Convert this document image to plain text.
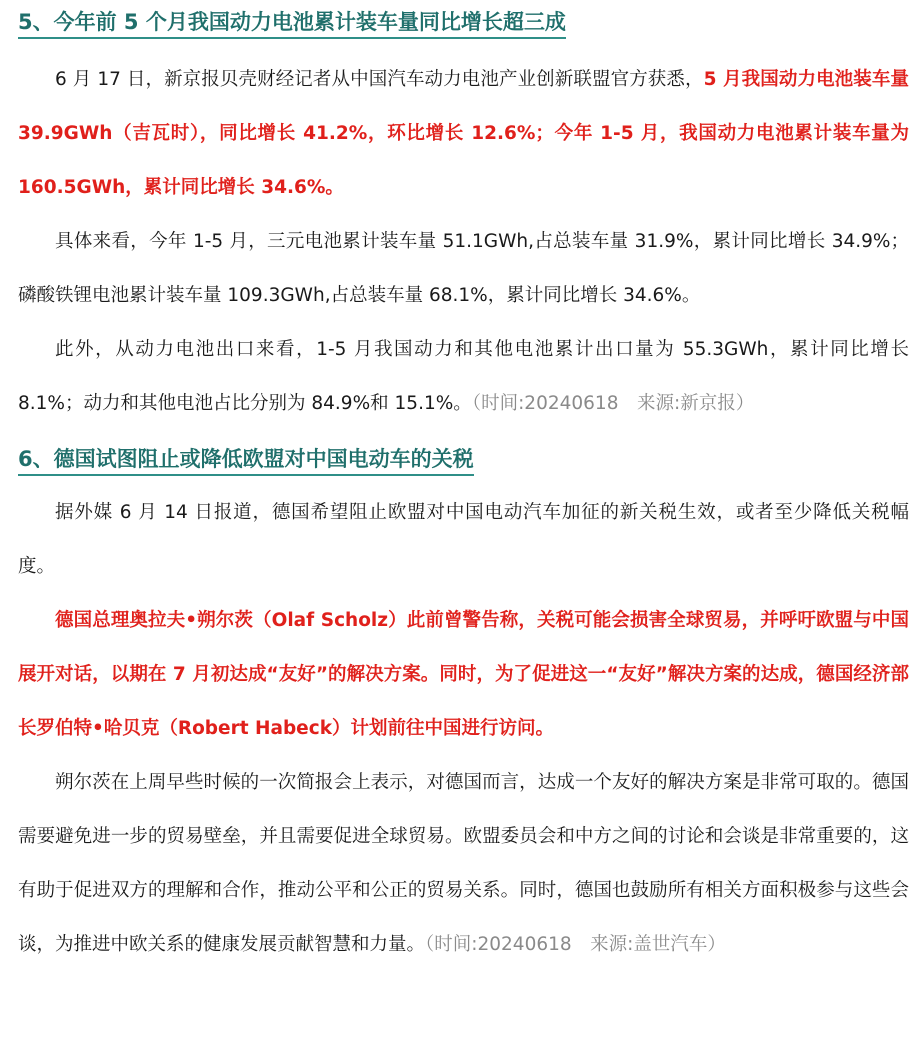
5、今年前 5 个月我国动力电池累计装车量同比增长超三成

6 月 17 日，新京报贝壳财经记者从中国汽车动力电池产业创新联盟官方获悉，5 月我国动力电池装车量 39.9GWh（吉瓦时），同比增长 41.2%，环比增长 12.6%；今年 1-5 月，我国动力电池累计装车量为 160.5GWh，累计同比增长 34.6%。

具体来看，今年 1-5 月，三元电池累计装车量 51.1GWh,占总装车量 31.9%，累计同比增长 34.9%；磷酸铁锂电池累计装车量 109.3GWh,占总装车量 68.1%，累计同比增长 34.6%。

此外，从动力电池出口来看，1-5 月我国动力和其他电池累计出口量为 55.3GWh，累计同比增长 8.1%；动力和其他电池占比分别为 84.9%和 15.1%。（时间:20240618　来源:新京报）

6、德国试图阻止或降低欧盟对中国电动车的关税

据外媒 6 月 14 日报道，德国希望阻止欧盟对中国电动汽车加征的新关税生效，或者至少降低关税幅度。

德国总理奥拉夫•朔尔茨（Olaf Scholz）此前曾警告称，关税可能会损害全球贸易，并呼吁欧盟与中国展开对话，以期在 7 月初达成“友好”的解决方案。同时，为了促进这一“友好”解决方案的达成，德国经济部长罗伯特•哈贝克（Robert Habeck）计划前往中国进行访问。

朔尔茨在上周早些时候的一次简报会上表示，对德国而言，达成一个友好的解决方案是非常可取的。德国需要避免进一步的贸易壁垒，并且需要促进全球贸易。欧盟委员会和中方之间的讨论和会谈是非常重要的，这有助于促进双方的理解和合作，推动公平和公正的贸易关系。同时，德国也鼓励所有相关方面积极参与这些会谈，为推进中欧关系的健康发展贡献智慧和力量。（时间:20240618　来源:盖世汽车）
